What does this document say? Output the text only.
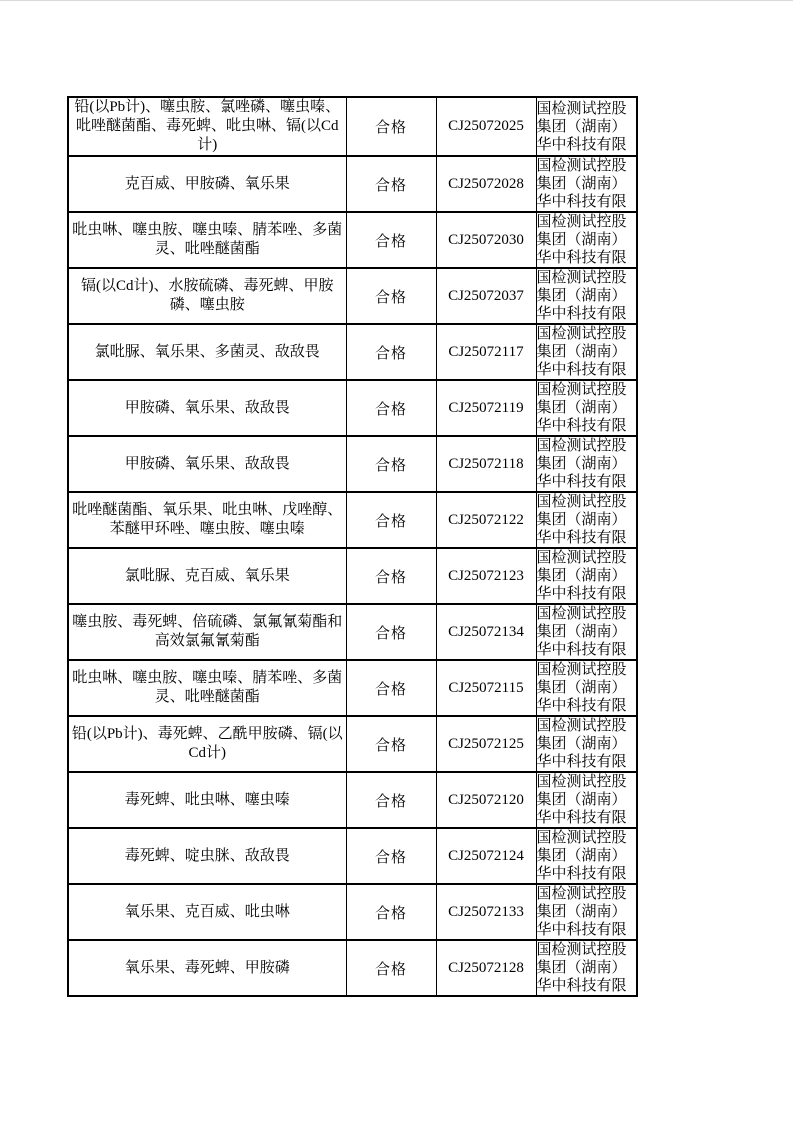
铅(以Pb计)、噻虫胺、氯唑磷、噻虫嗪、吡唑醚菌酯、毒死蜱、吡虫啉、镉(以Cd计)	合格	CJ25072025	国检测试控股
集团（湖南）
华中科技有限

克百威、甲胺磷、氧乐果	合格	CJ25072028	国检测试控股
集团（湖南）
华中科技有限

吡虫啉、噻虫胺、噻虫嗪、腈苯唑、多菌灵、吡唑醚菌酯	合格	CJ25072030	国检测试控股
集团（湖南）
华中科技有限

镉(以Cd计)、水胺硫磷、毒死蜱、甲胺磷、噻虫胺	合格	CJ25072037	国检测试控股
集团（湖南）
华中科技有限

氯吡脲、氧乐果、多菌灵、敌敌畏	合格	CJ25072117	国检测试控股
集团（湖南）
华中科技有限

甲胺磷、氧乐果、敌敌畏	合格	CJ25072119	国检测试控股
集团（湖南）
华中科技有限

甲胺磷、氧乐果、敌敌畏	合格	CJ25072118	国检测试控股
集团（湖南）
华中科技有限

吡唑醚菌酯、氧乐果、吡虫啉、戊唑醇、苯醚甲环唑、噻虫胺、噻虫嗪	合格	CJ25072122	国检测试控股
集团（湖南）
华中科技有限

氯吡脲、克百威、氧乐果	合格	CJ25072123	国检测试控股
集团（湖南）
华中科技有限

噻虫胺、毒死蜱、倍硫磷、氯氟氰菊酯和高效氯氟氰菊酯	合格	CJ25072134	国检测试控股
集团（湖南）
华中科技有限

吡虫啉、噻虫胺、噻虫嗪、腈苯唑、多菌灵、吡唑醚菌酯	合格	CJ25072115	国检测试控股
集团（湖南）
华中科技有限

铅(以Pb计)、毒死蜱、乙酰甲胺磷、镉(以Cd计)	合格	CJ25072125	国检测试控股
集团（湖南）
华中科技有限

毒死蜱、吡虫啉、噻虫嗪	合格	CJ25072120	国检测试控股
集团（湖南）
华中科技有限

毒死蜱、啶虫脒、敌敌畏	合格	CJ25072124	国检测试控股
集团（湖南）
华中科技有限

氧乐果、克百威、吡虫啉	合格	CJ25072133	国检测试控股
集团（湖南）
华中科技有限

氧乐果、毒死蜱、甲胺磷	合格	CJ25072128	国检测试控股
集团（湖南）
华中科技有限
